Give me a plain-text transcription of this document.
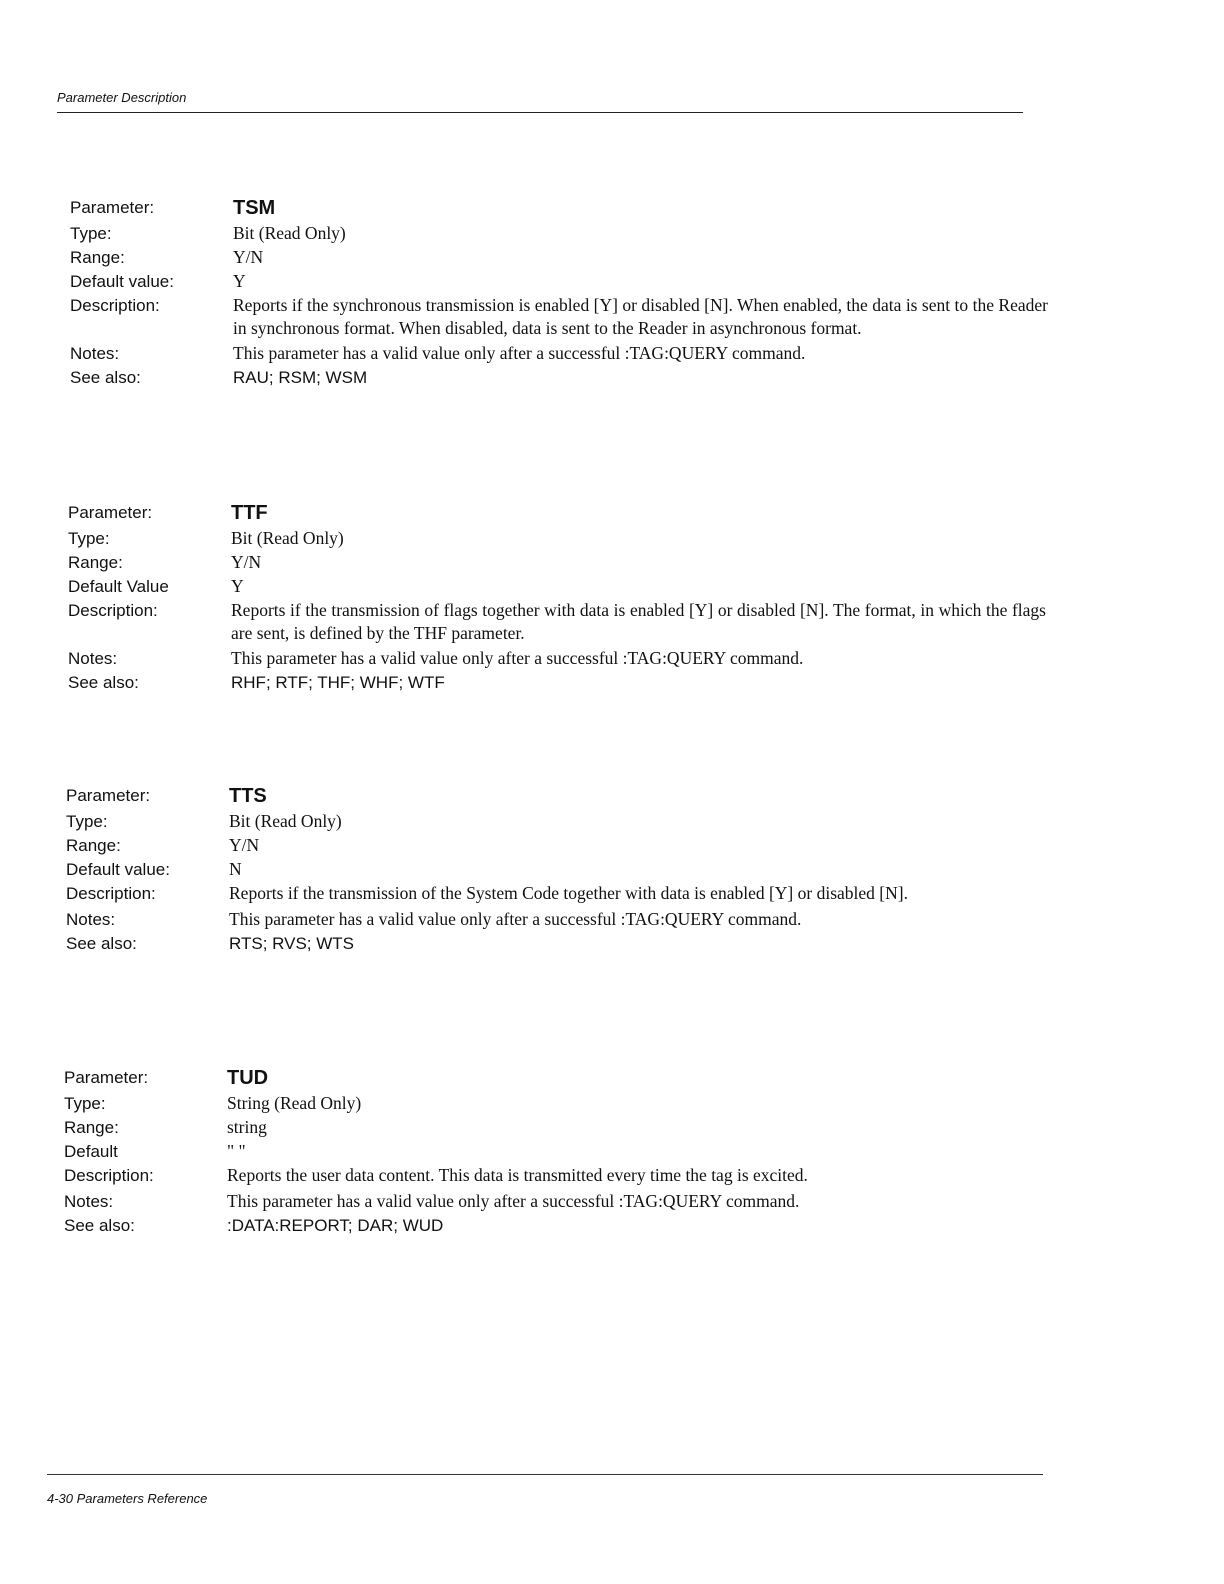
Parameter Description
Parameter:	TSM
Type:	Bit (Read Only)
Range:	Y/N
Default value:	Y
Description:	Reports if the synchronous transmission is enabled [Y] or disabled [N]. When enabled, the data is sent to the Reader in synchronous format. When disabled, data is sent to the Reader in asynchronous format.
Notes:	This parameter has a valid value only after a successful :TAG:QUERY command.
See also:	RAU; RSM; WSM
Parameter:	TTF
Type:	Bit (Read Only)
Range:	Y/N
Default Value	Y
Description:	Reports if the transmission of flags together with data is enabled [Y] or disabled [N]. The format, in which the flags are sent, is defined by the THF parameter.
Notes:	This parameter has a valid value only after a successful :TAG:QUERY command.
See also:	RHF; RTF; THF; WHF; WTF
Parameter:	TTS
Type:	Bit (Read Only)
Range:	Y/N
Default value:	N
Description:	Reports if the transmission of the System Code together with data is enabled [Y] or disabled [N].
Notes:	This parameter has a valid value only after a successful :TAG:QUERY command.
See also:	RTS; RVS; WTS
Parameter:	TUD
Type:	String (Read Only)
Range:	string
Default	" "
Description:	Reports the user data content. This data is transmitted every time the tag is excited.
Notes:	This parameter has a valid value only after a successful :TAG:QUERY command.
See also:	:DATA:REPORT; DAR; WUD
4-30 Parameters Reference
